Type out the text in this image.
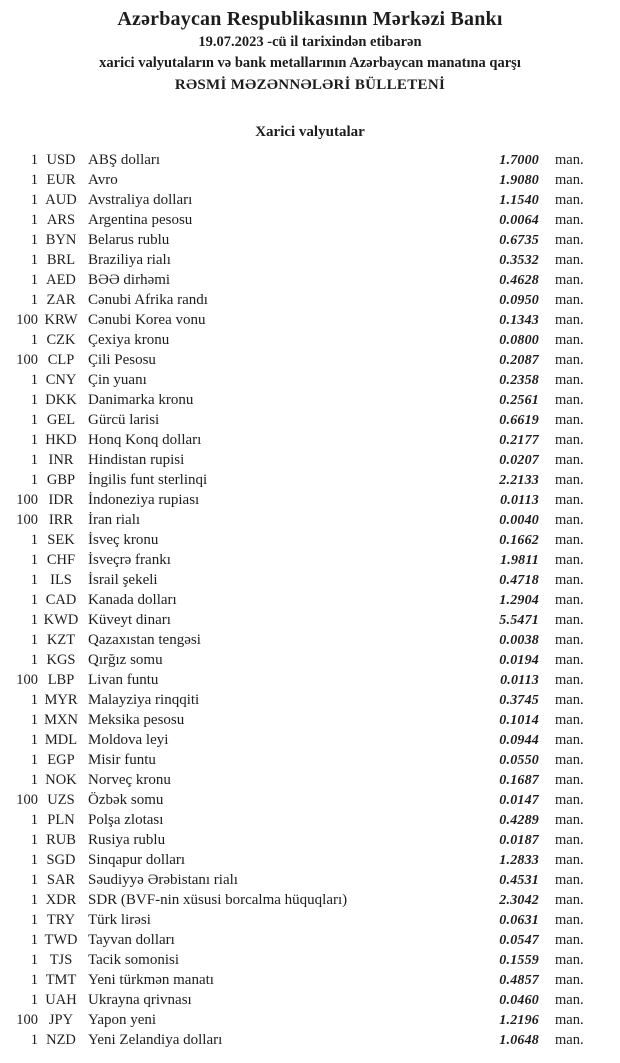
Azərbaycan Respublikasının Mərkəzi Bankı
19.07.2023 -cü il tarixindən etibarən
xarici valyutaların və bank metallarının Azərbaycan manatına qarşı
RƏSMİ MƏZƏNNƏLƏRİ BÜLLETENİ
Xarici valyutalar
1 USD ABŞ dolları	1.7000	man.
1 EUR Avro	1.9080	man.
1 AUD Avstraliya dolları	1.1540	man.
1 ARS Argentina pesosu	0.0064	man.
1 BYN Belarus rublu	0.6735	man.
1 BRL Braziliya rialı	0.3532	man.
1 AED BƏƏ dirhəmi	0.4628	man.
1 ZAR Cənubi Afrika randı	0.0950	man.
100 KRW Cənubi Korea vonu	0.1343	man.
1 CZK Çexiya kronu	0.0800	man.
100 CLP Çili Pesosu	0.2087	man.
1 CNY Çin yuanı	0.2358	man.
1 DKK Danimarka kronu	0.2561	man.
1 GEL Gürcü larisi	0.6619	man.
1 HKD Honq Konq dolları	0.2177	man.
1 INR Hindistan rupisi	0.0207	man.
1 GBP İngilis funt sterlinqi	2.2133	man.
100 IDR İndoneziya rupiası	0.0113	man.
100 IRR İran rialı	0.0040	man.
1 SEK İsveç kronu	0.1662	man.
1 CHF İsveçrə frankı	1.9811	man.
1 ILS	İsrail şekeli	0.4718	man.
1 CAD Kanada dolları	1.2904	man.
1 KWD Küveyt dinarı	5.5471	man.
1 KZT Qazaxıstan tengəsi	0.0038	man.
1 KGS Qırğız somu	0.0194	man.
100 LBP Livan funtu	0.0113	man.
1 MYR Malayziya rinqqiti	0.3745	man.
1 MXN Meksika pesosu	0.1014	man.
1 MDL Moldova leyi	0.0944	man.
1 EGP Misir funtu	0.0550	man.
1 NOK Norveç kronu	0.1687	man.
100 UZS Özbək somu	0.0147	man.
1 PLN Polşa zlotası	0.4289	man.
1 RUB Rusiya rublu	0.0187	man.
1 SGD Sinqapur dolları	1.2833	man.
1 SAR Səudiyyə Ərəbistanı rialı	0.4531	man.
1 XDR SDR (BVF-nin xüsusi borcalma hüquqları)	2.3042	man.
1 TRY Türk lirəsi	0.0631	man.
1 TWD Tayvan dolları	0.0547	man.
1 TJS	Tacik somonisi	0.1559	man.
1 TMT Yeni türkmən manatı	0.4857	man.
1 UAH Ukrayna qrivnası	0.0460	man.
100 JPY Yapon yeni	1.2196	man.
1 NZD Yeni Zelandiya dolları	1.0648	man.
